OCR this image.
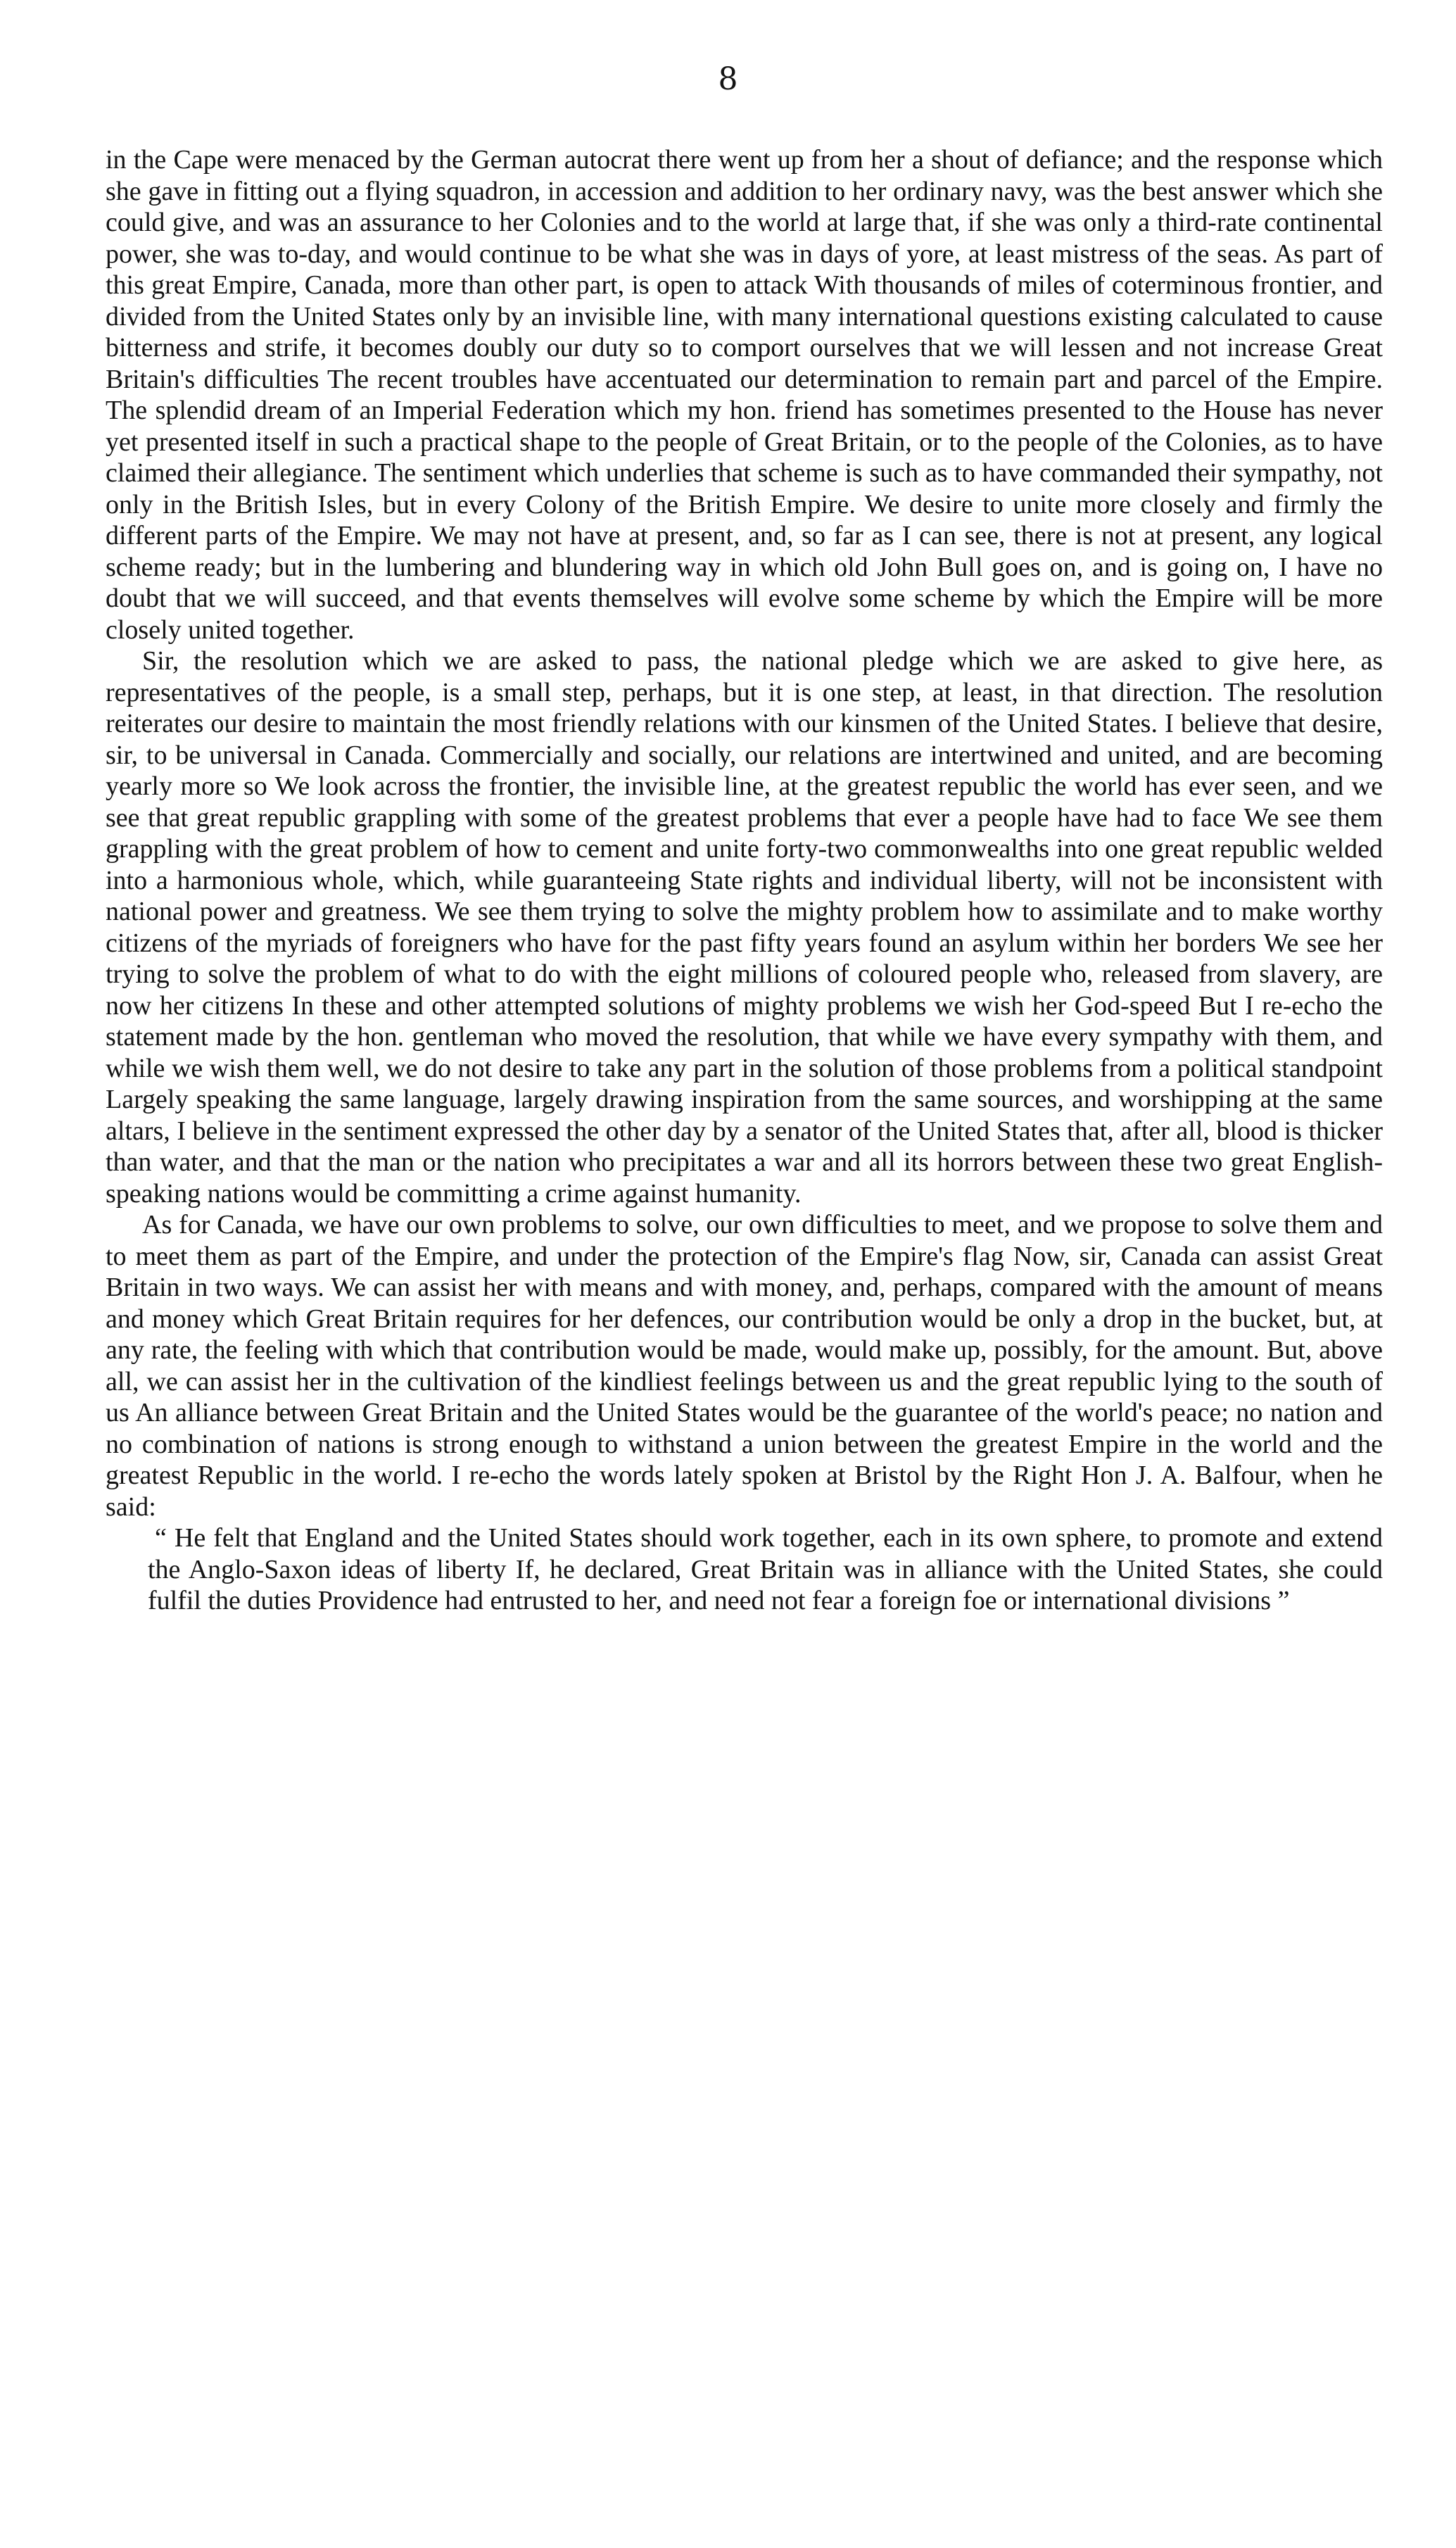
8

in the Cape were menaced by the German autocrat there went up from her a shout of defiance; and the response which she gave in fitting out a flying squadron, in accession and addition to her ordinary navy, was the best answer which she could give, and was an assurance to her Colonies and to the world at large that, if she was only a third-rate continental power, she was to-day, and would continue to be what she was in days of yore, at least mistress of the seas. As part of this great Empire, Canada, more than other part, is open to attack With thousands of miles of coterminous frontier, and divided from the United States only by an invisible line, with many international questions existing calculated to cause bitterness and strife, it becomes doubly our duty so to comport ourselves that we will lessen and not increase Great Britain's difficulties The recent troubles have accentuated our determination to remain part and parcel of the Empire. The splendid dream of an Imperial Federation which my hon. friend has sometimes presented to the House has never yet presented itself in such a practical shape to the people of Great Britain, or to the people of the Colonies, as to have claimed their allegiance. The sentiment which underlies that scheme is such as to have commanded their sympathy, not only in the British Isles, but in every Colony of the British Empire. We desire to unite more closely and firmly the different parts of the Empire. We may not have at present, and, so far as I can see, there is not at present, any logical scheme ready; but in the lumbering and blundering way in which old John Bull goes on, and is going on, I have no doubt that we will succeed, and that events themselves will evolve some scheme by which the Empire will be more closely united together.

Sir, the resolution which we are asked to pass, the national pledge which we are asked to give here, as representatives of the people, is a small step, perhaps, but it is one step, at least, in that direction. The resolution reiterates our desire to maintain the most friendly relations with our kinsmen of the United States. I believe that desire, sir, to be universal in Canada. Commercially and socially, our relations are intertwined and united, and are becoming yearly more so We look across the frontier, the invisible line, at the greatest republic the world has ever seen, and we see that great republic grappling with some of the greatest problems that ever a people have had to face We see them grappling with the great problem of how to cement and unite forty-two commonwealths into one great republic welded into a harmonious whole, which, while guaranteeing State rights and individual liberty, will not be inconsistent with national power and greatness. We see them trying to solve the mighty problem how to assimilate and to make worthy citizens of the myriads of foreigners who have for the past fifty years found an asylum within her borders We see her trying to solve the problem of what to do with the eight millions of coloured people who, released from slavery, are now her citizens In these and other attempted solutions of mighty problems we wish her God-speed But I re-echo the statement made by the hon. gentleman who moved the resolution, that while we have every sympathy with them, and while we wish them well, we do not desire to take any part in the solution of those problems from a political standpoint Largely speaking the same language, largely drawing inspiration from the same sources, and worshipping at the same altars, I believe in the sentiment expressed the other day by a senator of the United States that, after all, blood is thicker than water, and that the man or the nation who precipitates a war and all its horrors between these two great English-speaking nations would be committing a crime against humanity.

As for Canada, we have our own problems to solve, our own difficulties to meet, and we propose to solve them and to meet them as part of the Empire, and under the protection of the Empire's flag Now, sir, Canada can assist Great Britain in two ways. We can assist her with means and with money, and, perhaps, compared with the amount of means and money which Great Britain requires for her defences, our contribution would be only a drop in the bucket, but, at any rate, the feeling with which that contribution would be made, would make up, possibly, for the amount. But, above all, we can assist her in the cultivation of the kindliest feelings between us and the great republic lying to the south of us An alliance between Great Britain and the United States would be the guarantee of the world's peace; no nation and no combination of nations is strong enough to withstand a union between the greatest Empire in the world and the greatest Republic in the world. I re-echo the words lately spoken at Bristol by the Right Hon J. A. Balfour, when he said:

“ He felt that England and the United States should work together, each in its own sphere, to promote and extend the Anglo-Saxon ideas of liberty If, he declared, Great Britain was in alliance with the United States, she could fulfil the duties Providence had entrusted to her, and need not fear a foreign foe or international divisions ”
